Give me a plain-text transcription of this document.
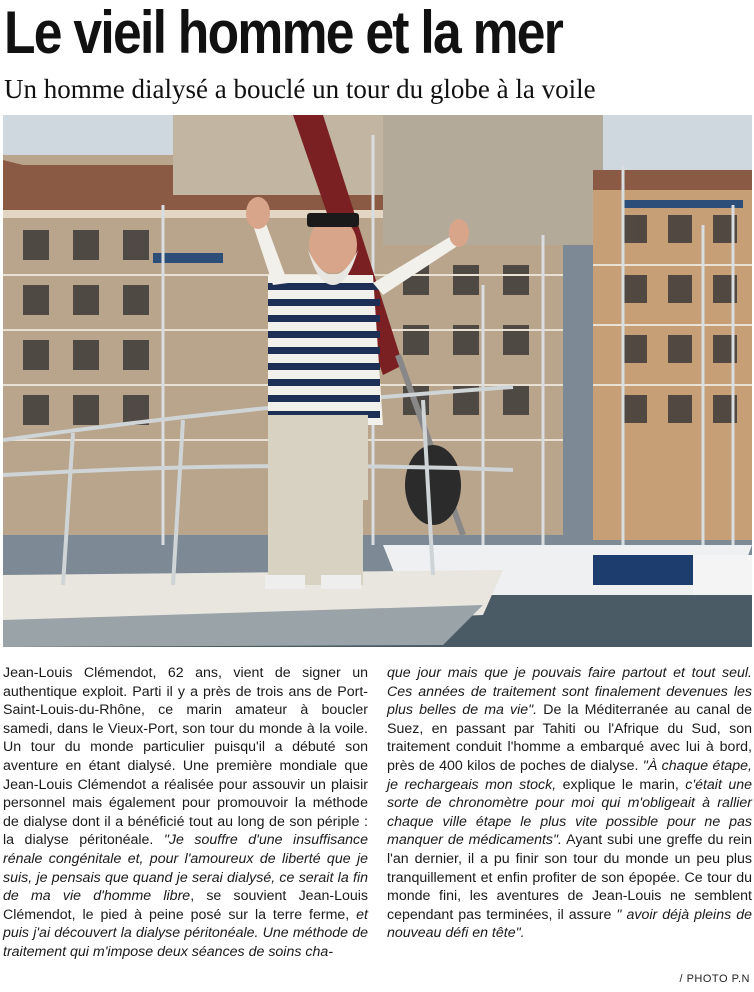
Le vieil homme et la mer
Un homme dialysé a bouclé un tour du globe à la voile

Jean-Louis Clémendot, 62 ans, vient de signer un authentique exploit. Parti il y a près de trois ans de Port-Saint-Louis-du-Rhône, ce marin amateur à boucler samedi, dans le Vieux-Port, son tour du monde à la voile. Un tour du monde particulier puisqu'il a débuté son aventure en étant dialysé. Une première mondiale que Jean-Louis Clémendot a réalisée pour assouvir un plaisir personnel mais également pour promouvoir la méthode de dialyse dont il a bénéficié tout au long de son périple : la dialyse péritonéale. "Je souffre d'une insuffisance rénale congénitale et, pour l'amoureux de liberté que je suis, je pensais que quand je serai dialysé, ce serait la fin de ma vie d'homme libre, se souvient Jean-Louis Clémendot, le pied à peine posé sur la terre ferme, et puis j'ai découvert la dialyse péritonéale. Une méthode de traitement qui m'impose deux séances de soins cha-

que jour mais que je pouvais faire partout et tout seul. Ces années de traitement sont finalement devenues les plus belles de ma vie". De la Méditerranée au canal de Suez, en passant par Tahiti ou l'Afrique du Sud, son traitement conduit l'homme a embarqué avec lui à bord, près de 400 kilos de poches de dialyse. "À chaque étape, je rechargeais mon stock, explique le marin, c'était une sorte de chronomètre pour moi qui m'obligeait à rallier chaque ville étape le plus vite possible pour ne pas manquer de médicaments". Ayant subi une greffe du rein l'an dernier, il a pu finir son tour du monde un peu plus tranquillement et enfin profiter de son épopée. Ce tour du monde fini, les aventures de Jean-Louis ne semblent cependant pas terminées, il assure " avoir déjà pleins de nouveau défi en tête".

/ PHOTO P.N
